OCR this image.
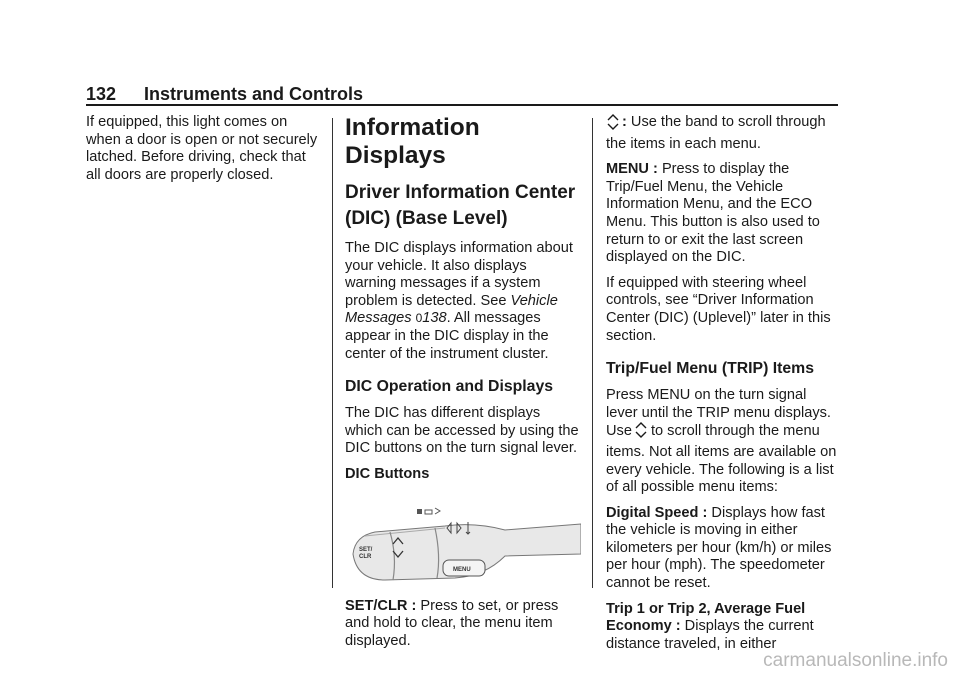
132 Instruments and Controls

If equipped, this light comes on when a door is open or not securely latched. Before driving, check that all doors are properly closed.

Information Displays
Driver Information Center (DIC) (Base Level)

The DIC displays information about your vehicle. It also displays warning messages if a system problem is detected. See Vehicle Messages 0138. All messages appear in the DIC display in the center of the instrument cluster.

DIC Operation and Displays

The DIC has different displays which can be accessed by using the DIC buttons on the turn signal lever.

DIC Buttons

SET/
CLR
MENU

SET/CLR : Press to set, or press and hold to clear, the menu item displayed.

: Use the band to scroll through the items in each menu.

MENU : Press to display the Trip/Fuel Menu, the Vehicle Information Menu, and the ECO Menu. This button is also used to return to or exit the last screen displayed on the DIC.

If equipped with steering wheel controls, see “Driver Information Center (DIC) (Uplevel)” later in this section.

Trip/Fuel Menu (TRIP) Items

Press MENU on the turn signal lever until the TRIP menu displays.

Use to scroll through the menu items. Not all items are available on every vehicle. The following is a list of all possible menu items:

Digital Speed : Displays how fast the vehicle is moving in either kilometers per hour (km/h) or miles per hour (mph). The speedometer cannot be reset.

Trip 1 or Trip 2, Average Fuel Economy : Displays the current distance traveled, in either

carmanualsonline.info
